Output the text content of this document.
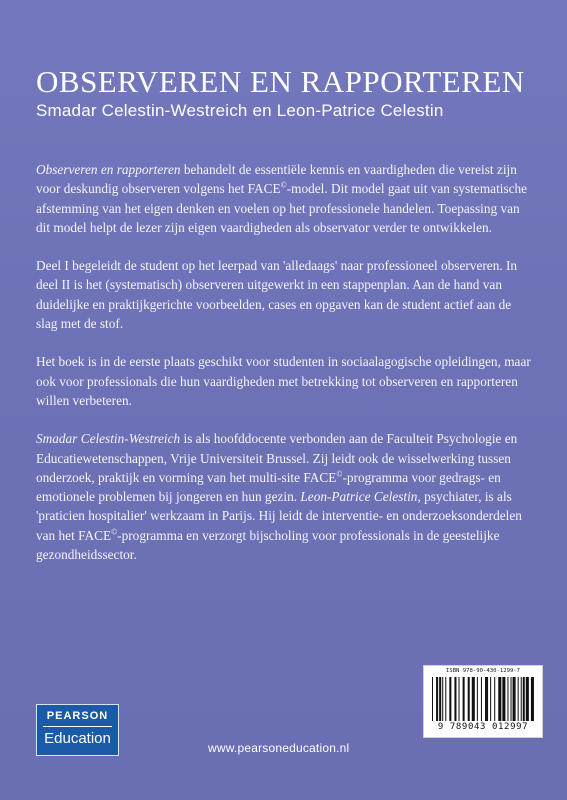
OBSERVEREN EN RAPPORTEREN
Smadar Celestin-Westreich en Leon-Patrice Celestin

Observeren en rapporteren behandelt de essentiële kennis en vaardigheden die vereist zijn voor deskundig observeren volgens het FACE©-model. Dit model gaat uit van systematische afstemming van het eigen denken en voelen op het professionele handelen. Toepassing van dit model helpt de lezer zijn eigen vaardigheden als observator verder te ontwikkelen.

Deel I begeleidt de student op het leerpad van 'alledaags' naar professioneel observeren. In deel II is het (systematisch) observeren uitgewerkt in een stappenplan. Aan de hand van duidelijke en praktijkgerichte voorbeelden, cases en opgaven kan de student actief aan de slag met de stof.

Het boek is in de eerste plaats geschikt voor studenten in sociaalagogische opleidingen, maar ook voor professionals die hun vaardigheden met betrekking tot observeren en rapporteren willen verbeteren.

Smadar Celestin-Westreich is als hoofddocente verbonden aan de Faculteit Psychologie en Educatiewetenschappen, Vrije Universiteit Brussel. Zij leidt ook de wisselwerking tussen onderzoek, praktijk en vorming van het multi-site FACE©-programma voor gedrags- en emotionele problemen bij jongeren en hun gezin. Leon-Patrice Celestin, psychiater, is als 'praticien hospitalier' werkzaam in Parijs. Hij leidt de interventie- en onderzoeksonderdelen van het FACE©-programma en verzorgt bijscholing voor professionals in de geestelijke gezondheidssector.

ISBN 978-90-430-1299-7
9 789043 012997
PEARSON
Education
www.pearsoneducation.nl
